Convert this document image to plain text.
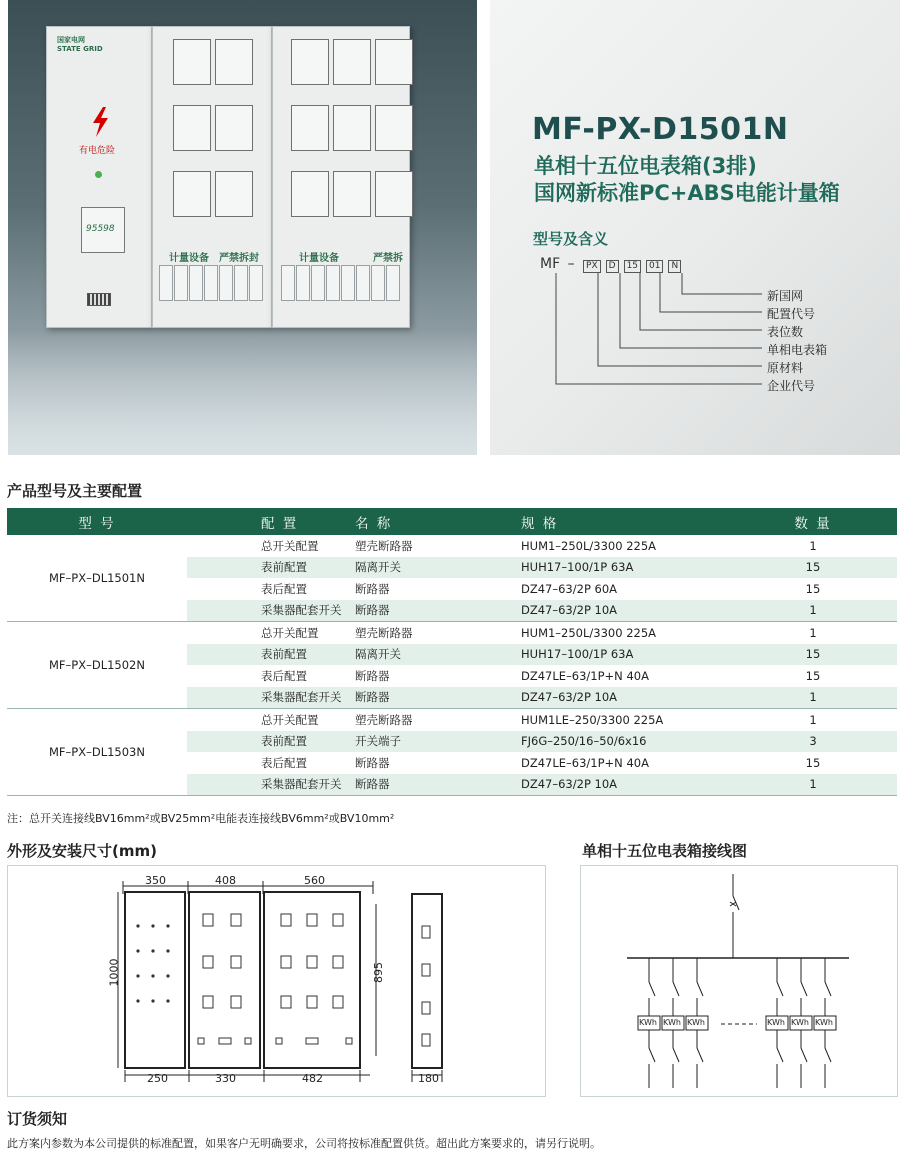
国家电网
STATE GRID
有电危险
95598
计量设备 严禁拆封	计量设备	严禁拆
MF-PX-D1501N
单相十五位电表箱(3排)
国网新标准PC+ABS电能计量箱
型号及含义
MF – PX D 15 01 N
新国网
配置代号
表位数
单相电表箱
原材料
企业代号
产品型号及主要配置
型 号	配 置	名 称	规 格	数 量
MF–PX–DL1501N	总开关配置	塑壳断路器	HUM1–250L/3300 225A	1
	表前配置	隔离开关	HUH17–100/1P 63A	15
	表后配置	断路器	DZ47–63/2P 60A	15
	采集器配套开关	断路器	DZ47–63/2P 10A	1
MF–PX–DL1502N	总开关配置	塑壳断路器	HUM1–250L/3300 225A	1
	表前配置	隔离开关	HUH17–100/1P 63A	15
	表后配置	断路器	DZ47LE–63/1P+N 40A	15
	采集器配套开关	断路器	DZ47–63/2P 10A	1
MF–PX–DL1503N	总开关配置	塑壳断路器	HUM1LE–250/3300 225A	1
	表前配置	开关端子	FJ6G–250/16–50/6x16	3
	表后配置	断路器	DZ47LE–63/1P+N 40A	15
	采集器配套开关	断路器	DZ47–63/2P 10A	1
注：总开关连接线BV16mm²或BV25mm²电能表连接线BV6mm²或BV10mm²
外形及安装尺寸(mm)
350	408	560
1000	895
250	330	482	180
单相十五位电表箱接线图
KWh KWh KWh	KWh KWh KWh
订货须知
此方案内参数为本公司提供的标准配置，如果客户无明确要求，公司将按标准配置供货。超出此方案要求的，请另行说明。
